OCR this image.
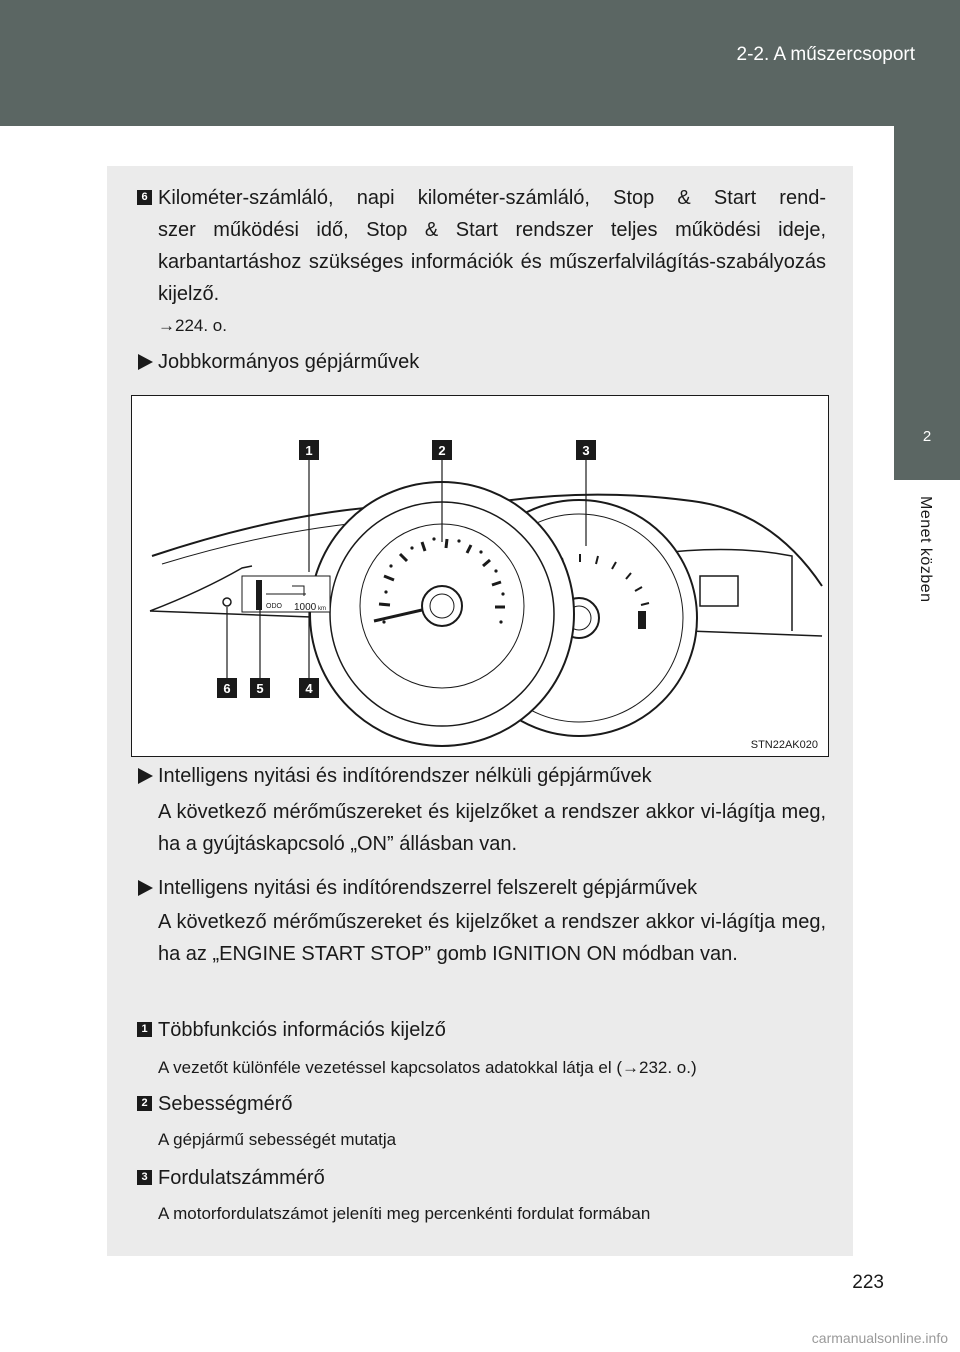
2-2. A műszercsoport
2
Menet közben
6 Kilométer-számláló, napi kilométer-számláló, Stop & Start rend-
szer működési idő, Stop & Start rendszer teljes működési ideje, karbantartáshoz szükséges információk és műszerfalvilágítás-szabályozás kijelző.
→224. o.
Jobbkormányos gépjárművek
ODO 1000 km
1	2	3
6 5	4
STN22AK020
Intelligens nyitási és indítórendszer nélküli gépjárművek
A következő mérőműszereket és kijelzőket a rendszer akkor vi-lágítja meg, ha a gyújtáskapcsoló „ON” állásban van.
Intelligens nyitási és indítórendszerrel felszerelt gépjárművek
A következő mérőműszereket és kijelzőket a rendszer akkor vi-lágítja meg, ha az „ENGINE START STOP” gomb IGNITION ON módban van.
1 Többfunkciós információs kijelző
A vezetőt különféle vezetéssel kapcsolatos adatokkal látja el (→232. o.)
2 Sebességmérő
A gépjármű sebességét mutatja
3 Fordulatszámmérő
A motorfordulatszámot jeleníti meg percenkénti fordulat formában
223
carmanualsonline.info
